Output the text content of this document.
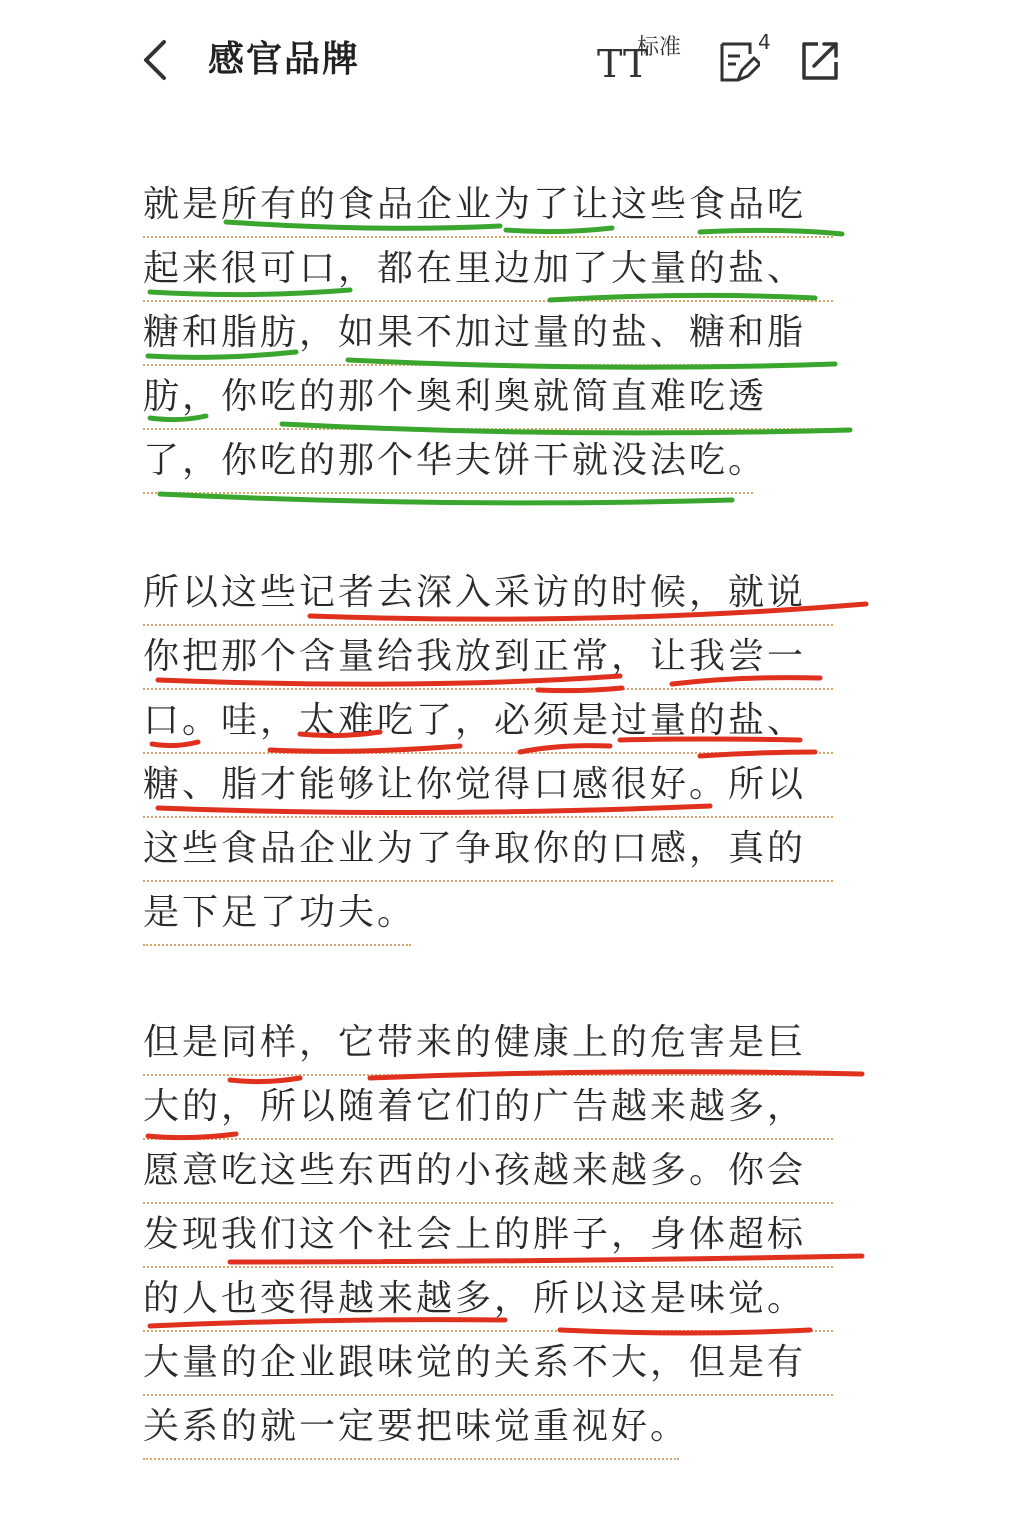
感官品牌	TT
标准	4
就是所有的食品企业为了让这些食品吃
起来很可口，都在里边加了大量的盐、
糖和脂肪，如果不加过量的盐、糖和脂
肪，你吃的那个奥利奥就简直难吃透
了，你吃的那个华夫饼干就没法吃。
所以这些记者去深入采访的时候，就说
你把那个含量给我放到正常，让我尝一
口。哇，太难吃了，必须是过量的盐、
糖、脂才能够让你觉得口感很好。所以
这些食品企业为了争取你的口感，真的
是下足了功夫。
但是同样，它带来的健康上的危害是巨
大的，所以随着它们的广告越来越多，
愿意吃这些东西的小孩越来越多。你会
发现我们这个社会上的胖子，身体超标
的人也变得越来越多，所以这是味觉。
大量的企业跟味觉的关系不大，但是有
关系的就一定要把味觉重视好。
